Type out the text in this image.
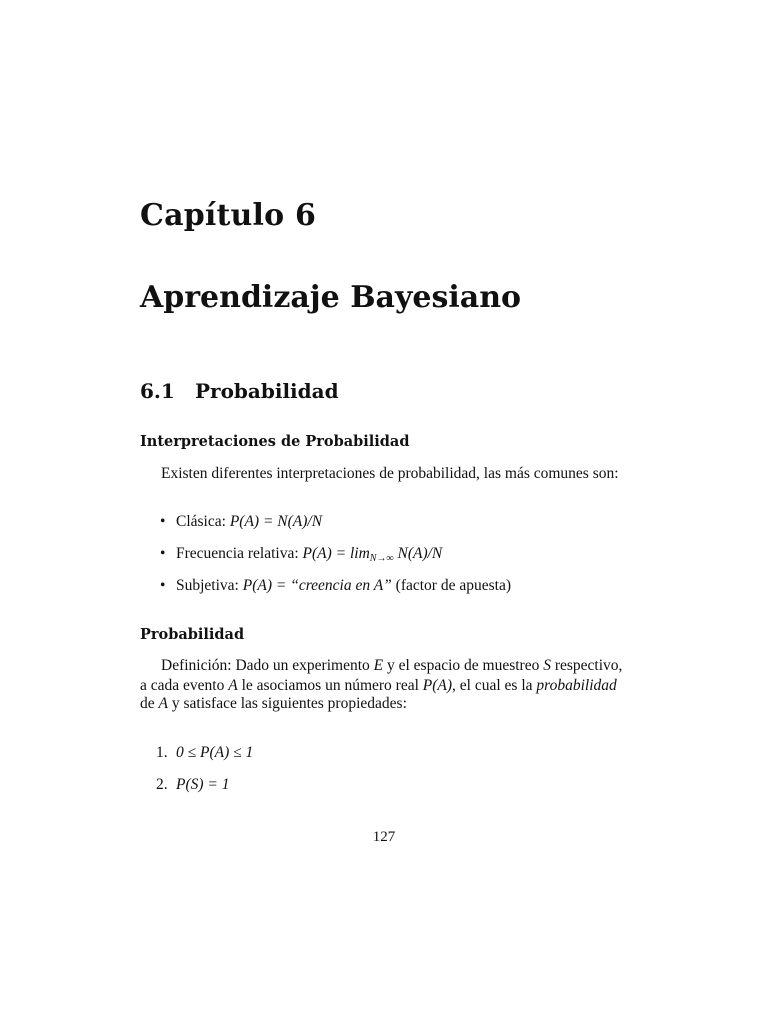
Capítulo 6
Aprendizaje Bayesiano
6.1 Probabilidad
Interpretaciones de Probabilidad
Existen diferentes interpretaciones de probabilidad, las más comunes son:
• Clásica: P(A) = N(A)/N
• Frecuencia relativa: $P(A) = \lim_{N\to\infty} N(A)/N$
• Subjetiva: P(A) = “creencia en A” (factor de apuesta)
Probabilidad
Definición: Dado un experimento E y el espacio de muestreo S respectivo,
a cada evento A le asociamos un número real P(A), el cual es la probabilidad
de A y satisface las siguientes propiedades:
1. 0 ≤ P(A) ≤ 1
2. P(S) = 1
127
